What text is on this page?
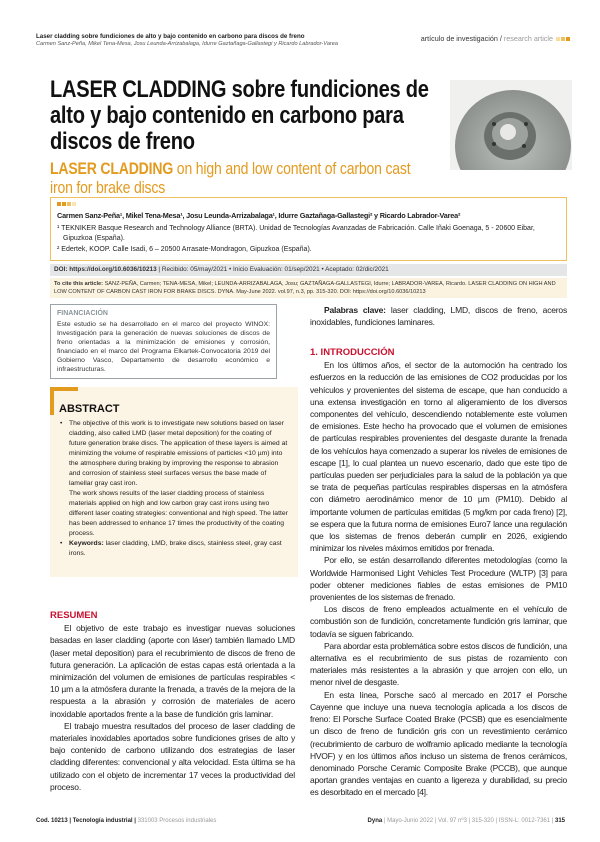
Laser cladding sobre fundiciones de alto y bajo contenido en carbono para discos de freno
Carmen Sanz-Peña, Mikel Tena-Mesa, Josu Leunda-Arrizabalaga, Idurre Gaztañaga-Gallastegi y Ricardo Labrador-Varea
artículo de investigación / research article
LASER CLADDING sobre fundiciones de alto y bajo contenido en carbono para discos de freno
LASER CLADDING on high and low content of carbon cast iron for brake discs
Carmen Sanz-Peña¹, Mikel Tena-Mesa¹, Josu Leunda-Arrizabalaga¹, Idurre Gaztañaga-Gallastegi² y Ricardo Labrador-Varea²
¹ TEKNIKER Basque Research and Technology Alliance (BRTA). Unidad de Tecnologías Avanzadas de Fabricación. Calle Iñaki Goenaga, 5 - 20600 Eibar, Gipuzkoa (España).
² Edertek, KOOP. Calle Isadi, 6 – 20500 Arrasate-Mondragon, Gipuzkoa (España).
DOI: https://doi.org/10.6036/10213 | Recibido: 05/may/2021 • Inicio Evaluación: 01/sep/2021 • Aceptado: 02/dic/2021
To cite this article: SANZ-PEÑA, Carmen; TENA-MESA, Mikel; LEUNDA-ARRIZABALAGA, Josu; GAZTAÑAGA-GALLASTEGI, Idurre; LABRADOR-VAREA, Ricardo. LASER CLADDING ON HIGH AND LOW CONTENT OF CARBON CAST IRON FOR BRAKE DISCS. DYNA. May-June 2022. vol.97, n.3, pp. 315-320. DOI: https://doi.org/10.6036/10213
FINANCIACIÓN
Este estudio se ha desarrollado en el marco del proyecto WINOX: Investigación para la generación de nuevas soluciones de discos de freno orientadas a la minimización de emisiones y corrosión, financiado en el marco del Programa Elkartek-Convocatoria 2019 del Gobierno Vasco, Departamento de desarrollo económico e infraestructuras.
ABSTRACT
• The objective of this work is to investigate new solutions based on laser cladding, also called LMD (laser metal deposition) for the coating of future generation brake discs. The application of these layers is aimed at minimizing the volume of respirable emissions of particles <10 µm) into the atmosphere during braking by improving the response to abrasion and corrosion of stainless steel surfaces versus the base made of lamellar gray cast iron.
The work shows results of the laser cladding process of stainless materials applied on high and low carbon gray cast irons using two different laser coating strategies: conventional and high speed. The latter has been addressed to enhance 17 times the productivity of the coating process.
• Keywords: laser cladding, LMD, brake discs, stainless steel, gray cast irons.
RESUMEN

El objetivo de este trabajo es investigar nuevas soluciones basadas en laser cladding (aporte con láser) también llamado LMD (laser metal deposition) para el recubrimiento de discos de freno de futura generación. La aplicación de estas capas está orientada a la minimización del volumen de emisiones de partículas respirables < 10 µm a la atmósfera durante la frenada, a través de la mejora de la respuesta a la abrasión y corrosión de materiales de acero inoxidable aportados frente a la base de fundición gris laminar.

El trabajo muestra resultados del proceso de laser cladding de materiales inoxidables aportados sobre fundiciones grises de alto y bajo contenido de carbono utilizando dos estrategias de laser cladding diferentes: convencional y alta velocidad. Esta última se ha utilizado con el objeto de incrementar 17 veces la productividad del proceso.

Palabras clave: laser cladding, LMD, discos de freno, aceros inoxidables, fundiciones laminares.
1. INTRODUCCIÓN

En los últimos años, el sector de la automoción ha centrado los esfuerzos en la reducción de las emisiones de CO2 producidas por los vehículos y provenientes del sistema de escape, que han conducido a una extensa investigación en torno al aligeramiento de los diversos componentes del vehículo, descendiendo notablemente este volumen de emisiones. Este hecho ha provocado que el volumen de emisiones de partículas respirables provenientes del desgaste durante la frenada de los vehículos haya comenzado a superar los niveles de emisiones de escape [1], lo cual plantea un nuevo escenario, dado que este tipo de partículas pueden ser perjudiciales para la salud de la población ya que se trata de pequeñas partículas respirables dispersas en la atmósfera con diámetro aerodinámico menor de 10 µm (PM10). Debido al importante volumen de partículas emitidas (5 mg/km por cada freno) [2], se espera que la futura norma de emisiones Euro7 lance una regulación que los sistemas de frenos deberán cumplir en 2026, exigiendo minimizar los niveles máximos emitidos por frenada.

Por ello, se están desarrollando diferentes metodologías (como la Worldwide Harmonised Light Vehicles Test Procedure (WLTP) [3] para poder obtener mediciones fiables de estas emisiones de PM10 provenientes de los sistemas de frenado.

Los discos de freno empleados actualmente en el vehículo de combustión son de fundición, concretamente fundición gris laminar, que todavía se siguen fabricando.

Para abordar esta problemática sobre estos discos de fundición, una alternativa es el recubrimiento de sus pistas de rozamiento con materiales más resistentes a la abrasión y que arrojen con ello, un menor nivel de desgaste.

En esta línea, Porsche sacó al mercado en 2017 el Porsche Cayenne que incluye una nueva tecnología aplicada a los discos de freno: El Porsche Surface Coated Brake (PCSB) que es esencialmente un disco de freno de fundición gris con un revestimiento cerámico (recubrimiento de carburo de wolframio aplicado mediante la tecnología HVOF) y en los últimos años incluso un sistema de frenos cerámicos, denominado Porsche Ceramic Composite Brake (PCCB), que aunque aportan grandes ventajas en cuanto a ligereza y durabilidad, su precio es desorbitado en el mercado [4].

Cod. 10213 | Tecnología industrial | 331003 Procesos industriales	Dyna | Mayo-Junio 2022 | Vol. 97 nº3 | 315-320 | ISSN-L: 0012-7361 | 315
